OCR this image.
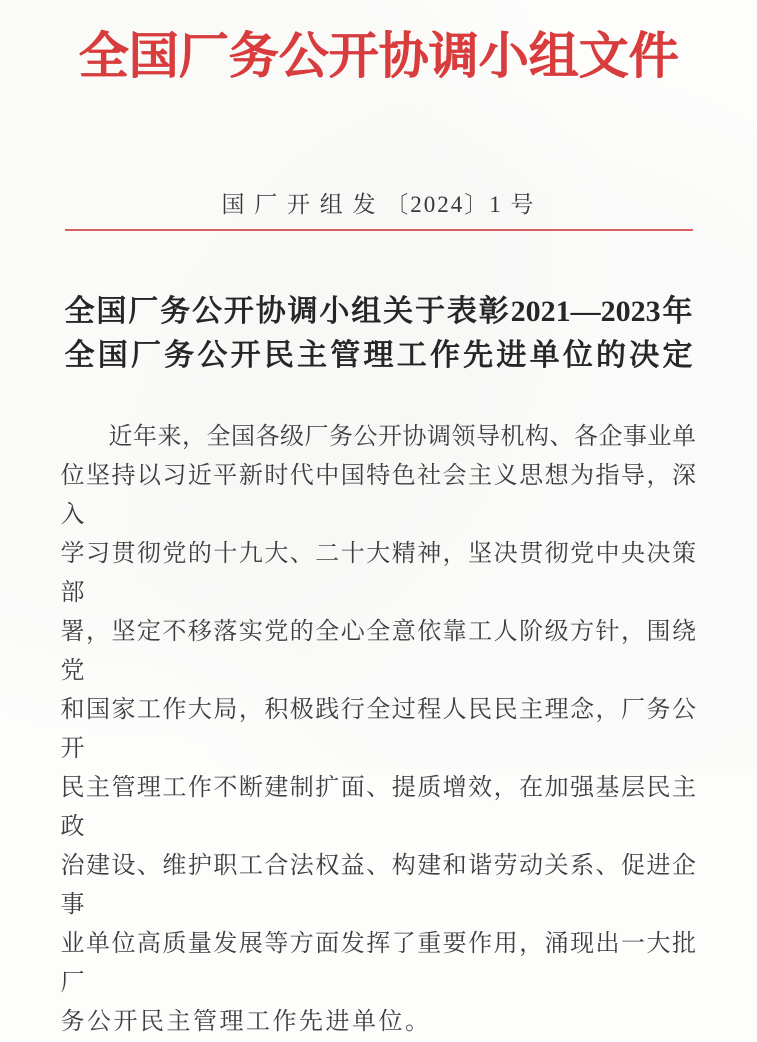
全国厂务公开协调小组文件
国 厂 开 组 发 〔2024〕1 号
全国厂务公开协调小组关于表彰2021—2023年
全国厂务公开民主管理工作先进单位的决定
近年来，全国各级厂务公开协调领导机构、各企事业单
位坚持以习近平新时代中国特色社会主义思想为指导，深入
学习贯彻党的十九大、二十大精神，坚决贯彻党中央决策部
署，坚定不移落实党的全心全意依靠工人阶级方针，围绕党
和国家工作大局，积极践行全过程人民民主理念，厂务公开
民主管理工作不断建制扩面、提质增效，在加强基层民主政
治建设、维护职工合法权益、构建和谐劳动关系、促进企事
业单位高质量发展等方面发挥了重要作用，涌现出一大批厂
务公开民主管理工作先进单位。
